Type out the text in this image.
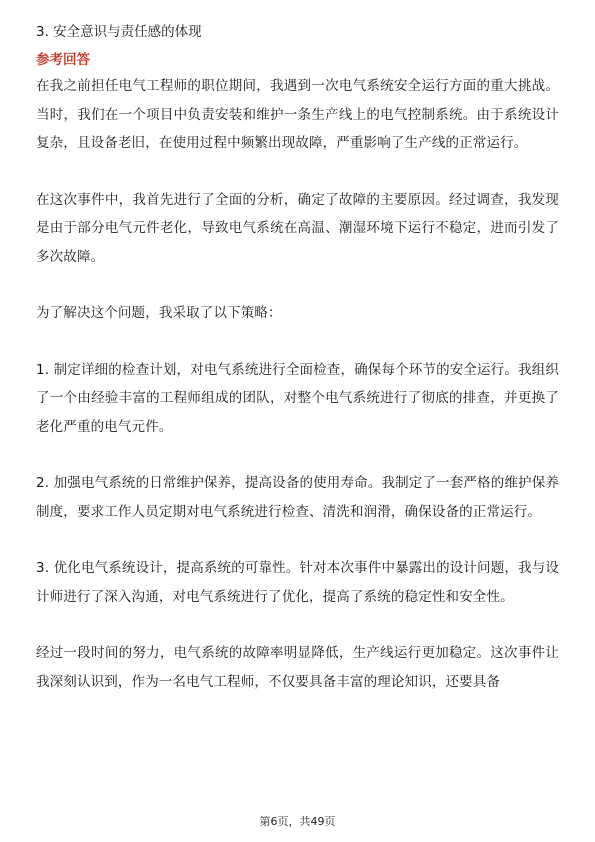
3. 安全意识与责任感的体现
参考回答

在我之前担任电气工程师的职位期间，我遇到一次电气系统安全运行方面的重大挑战。当时，我们在一个项目中负责安装和维护一条生产线上的电气控制系统。由于系统设计复杂，且设备老旧，在使用过程中频繁出现故障，严重影响了生产线的正常运行。

在这次事件中，我首先进行了全面的分析，确定了故障的主要原因。经过调查，我发现是由于部分电气元件老化，导致电气系统在高温、潮湿环境下运行不稳定，进而引发了多次故障。

为了解决这个问题，我采取了以下策略：

1. 制定详细的检查计划，对电气系统进行全面检查，确保每个环节的安全运行。我组织了一个由经验丰富的工程师组成的团队，对整个电气系统进行了彻底的排查，并更换了老化严重的电气元件。

2. 加强电气系统的日常维护保养，提高设备的使用寿命。我制定了一套严格的维护保养制度，要求工作人员定期对电气系统进行检查、清洗和润滑，确保设备的正常运行。

3. 优化电气系统设计，提高系统的可靠性。针对本次事件中暴露出的设计问题，我与设计师进行了深入沟通，对电气系统进行了优化，提高了系统的稳定性和安全性。

经过一段时间的努力，电气系统的故障率明显降低，生产线运行更加稳定。这次事件让我深刻认识到，作为一名电气工程师，不仅要具备丰富的理论知识，还要具备

第6页，共49页
